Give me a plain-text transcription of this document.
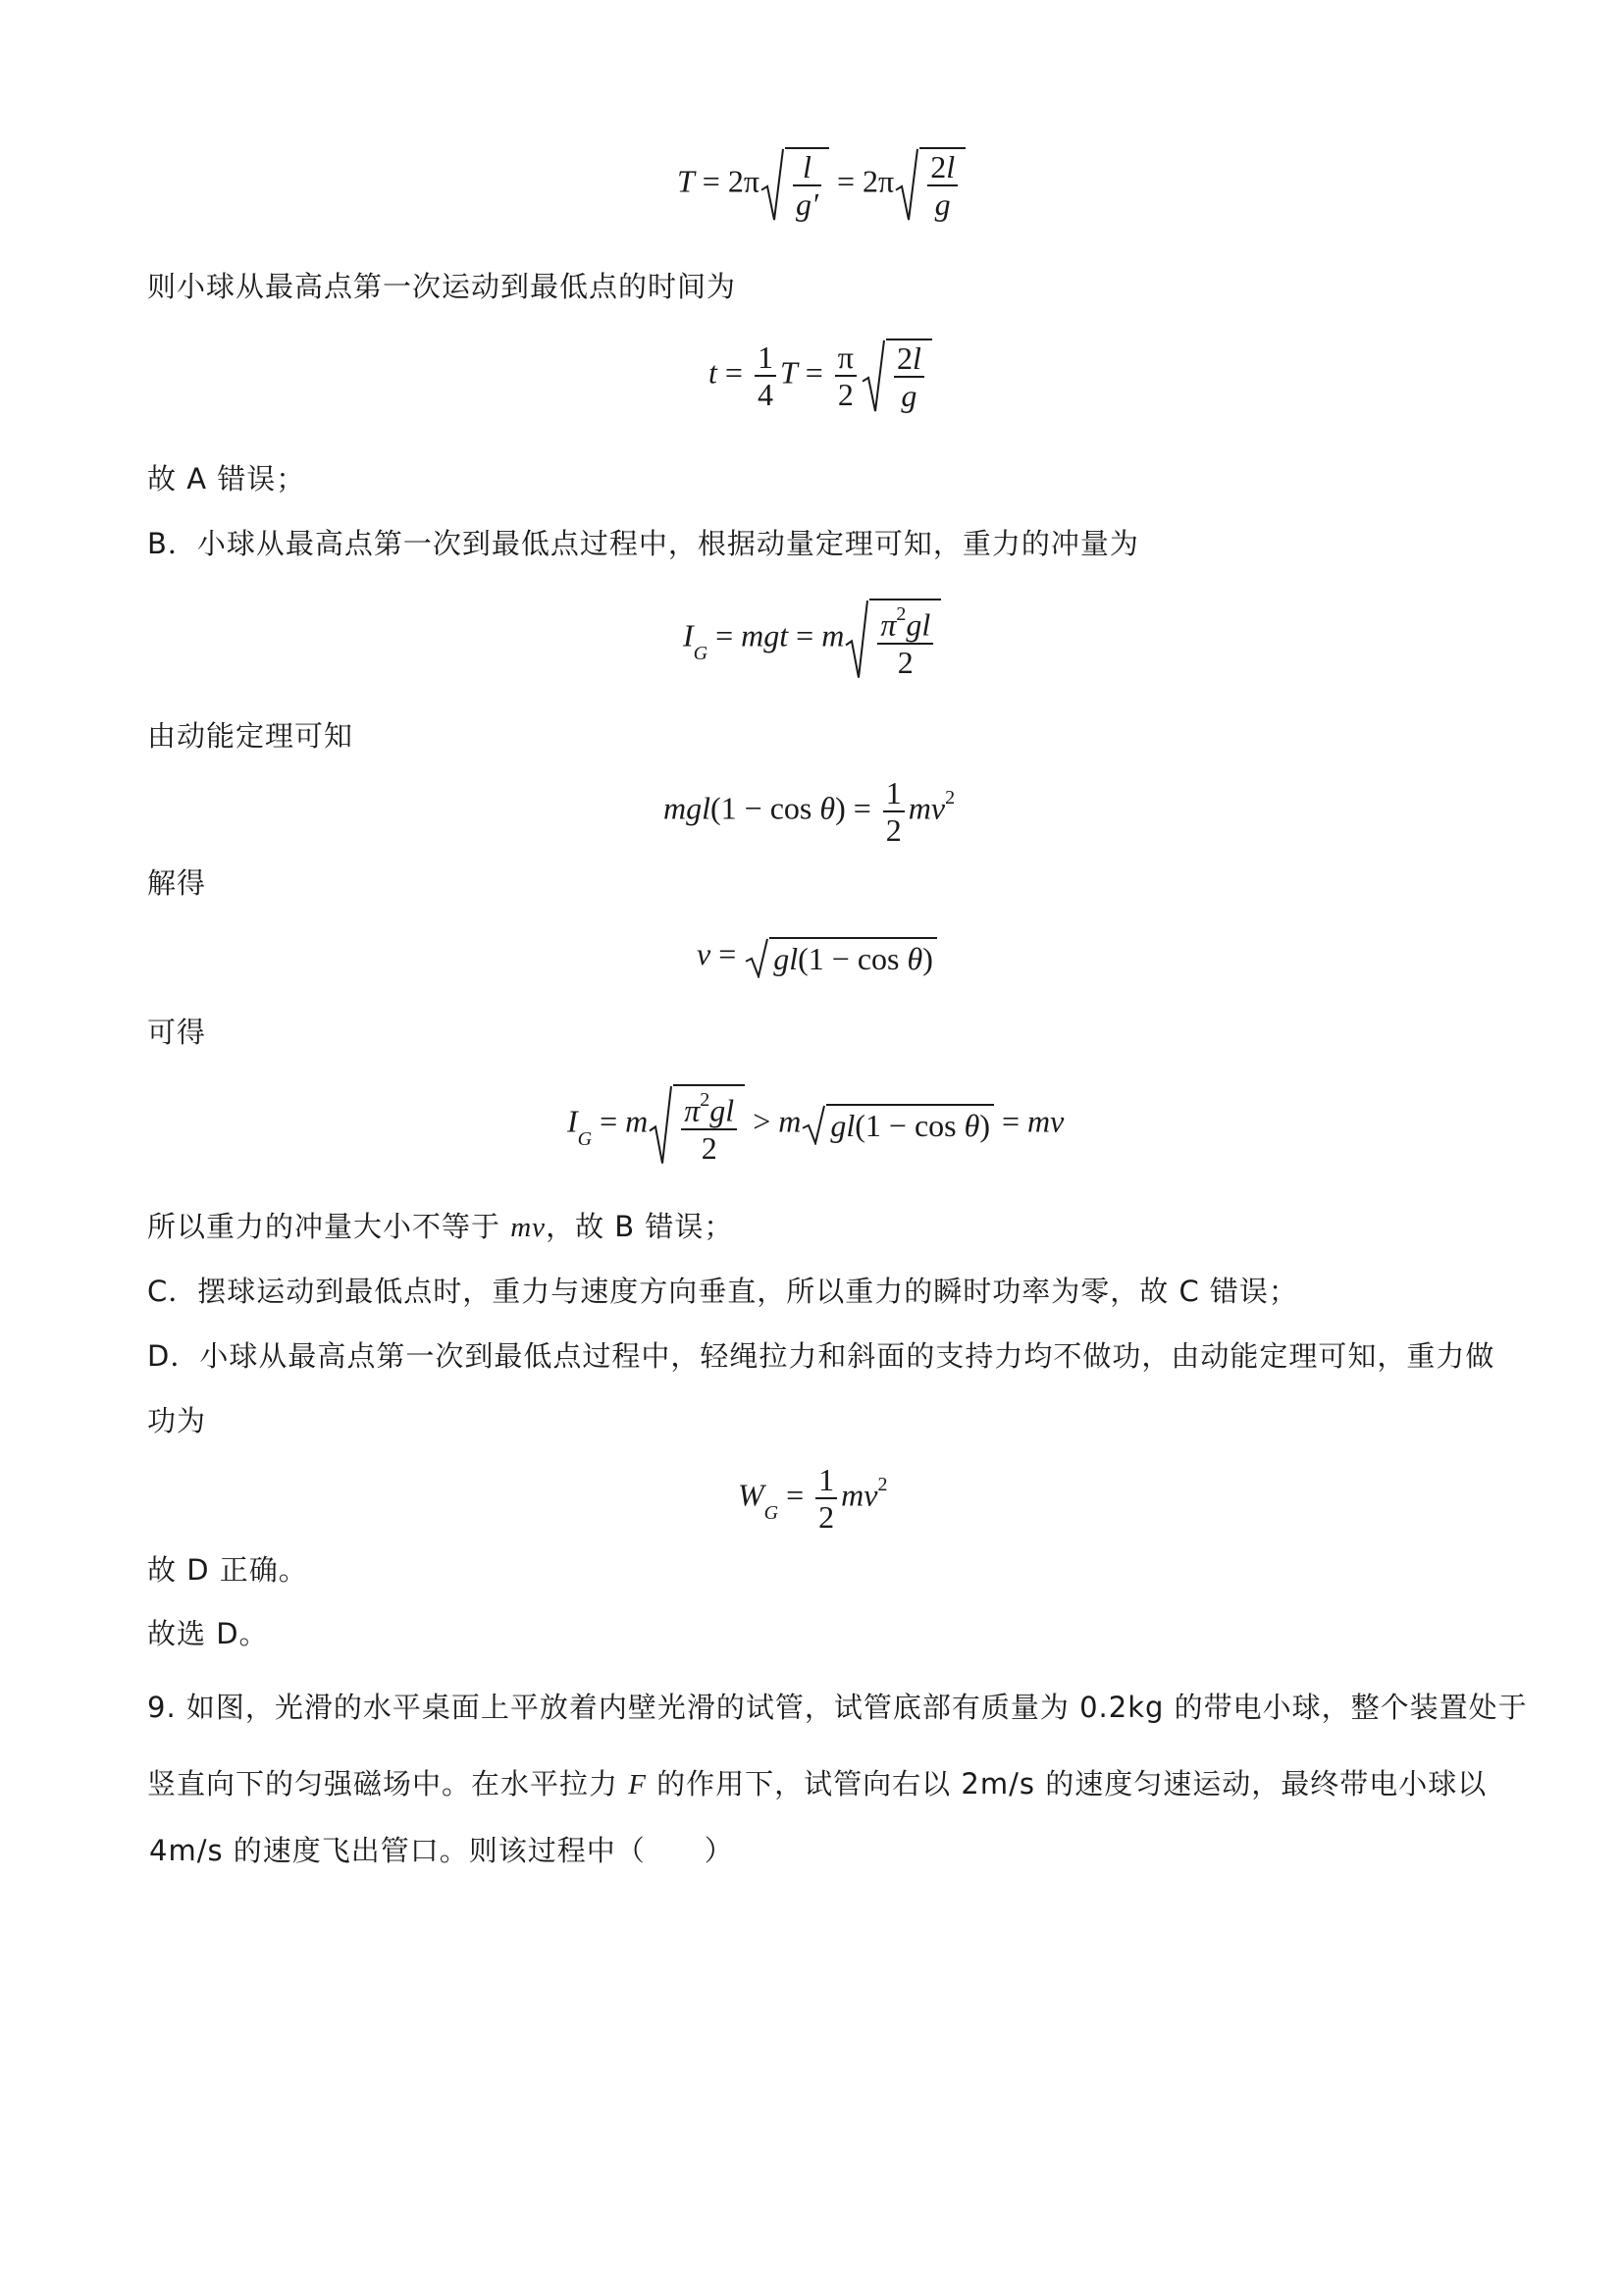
$T = 2\pi \frac{l}{g'} = 2\pi \frac{2l}{g}$
则小球从最高点第一次运动到最低点的时间为
$t = \frac{1}{4}$ $T = \frac{\pi}{2} \frac{2l}{g}$
故 A 错误；
B．小球从最高点第一次到最低点过程中，根据动量定理可知，重力的冲量为
$I_G$ = mgt = m $\frac{\pi^2gl}{2}$
由动能定理可知
$mgl(1 - \cos \theta) = \frac{1}{2} mv^2$
解得
v =
gl(1 − cos θ)
可得
$I_G = m \frac{\pi^2gl}{2} > m$ gl(1 − cos θ) = mv
所以重力的冲量大小不等于 mv，故 B 错误；
C．摆球运动到最低点时，重力与速度方向垂直，所以重力的瞬时功率为零，故 C 错误；
D．小球从最高点第一次到最低点过程中，轻绳拉力和斜面的支持力均不做功，由动能定理可知，重力做
功为
$W_G = \frac{1}{2} mv^2$
故 D 正确。
故选 D。
9. 如图，光滑的水平桌面上平放着内壁光滑的试管，试管底部有质量为 0.2kg 的带电小球，整个装置处于
竖直向下的匀强磁场中。在水平拉力 F 的作用下，试管向右以 2m/s 的速度匀速运动，最终带电小球以
4m/s 的速度飞出管口。则该过程中（　　）
